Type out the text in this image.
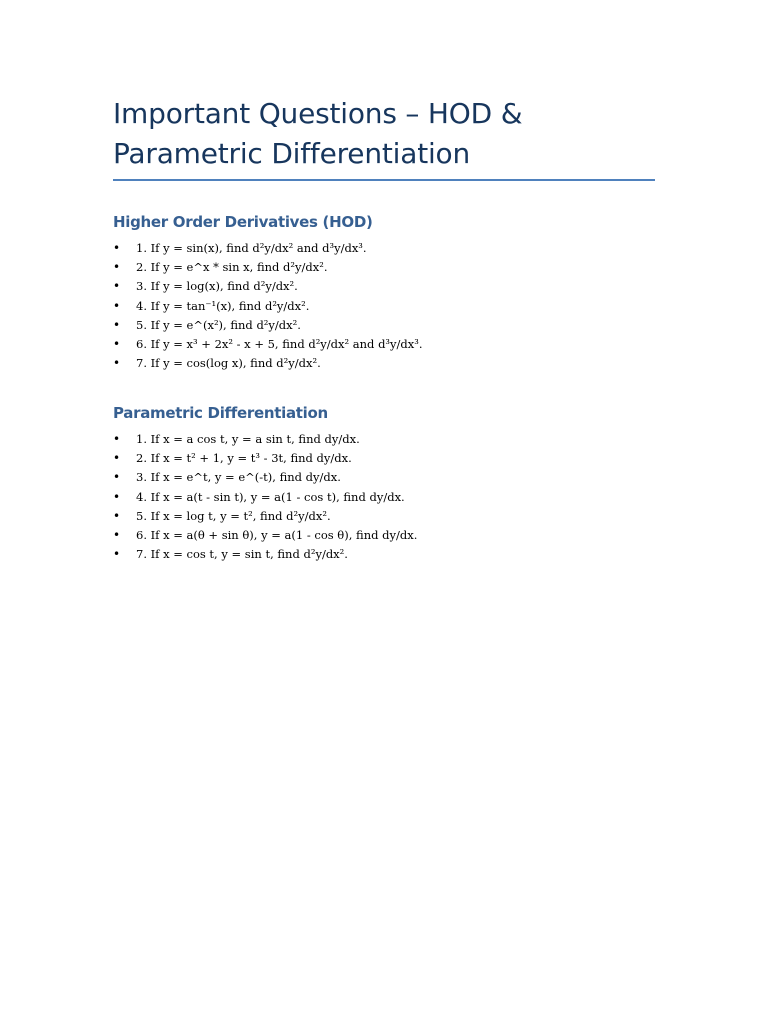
Important Questions – HOD & Parametric Differentiation
Higher Order Derivatives (HOD)
• 1. If y = sin(x), find d²y/dx² and d³y/dx³.
• 2. If y = e^x * sin x, find d²y/dx².
• 3. If y = log(x), find d²y/dx².
• 4. If y = tan⁻¹(x), find d²y/dx².
• 5. If y = e^(x²), find d²y/dx².
• 6. If y = x³ + 2x² - x + 5, find d²y/dx² and d³y/dx³.
• 7. If y = cos(log x), find d²y/dx².
Parametric Differentiation
• 1. If x = a cos t, y = a sin t, find dy/dx.
• 2. If x = t² + 1, y = t³ - 3t, find dy/dx.
• 3. If x = e^t, y = e^(-t), find dy/dx.
• 4. If x = a(t - sin t), y = a(1 - cos t), find dy/dx.
• 5. If x = log t, y = t², find d²y/dx².
• 6. If x = a(θ + sin θ), y = a(1 - cos θ), find dy/dx.
• 7. If x = cos t, y = sin t, find d²y/dx².
